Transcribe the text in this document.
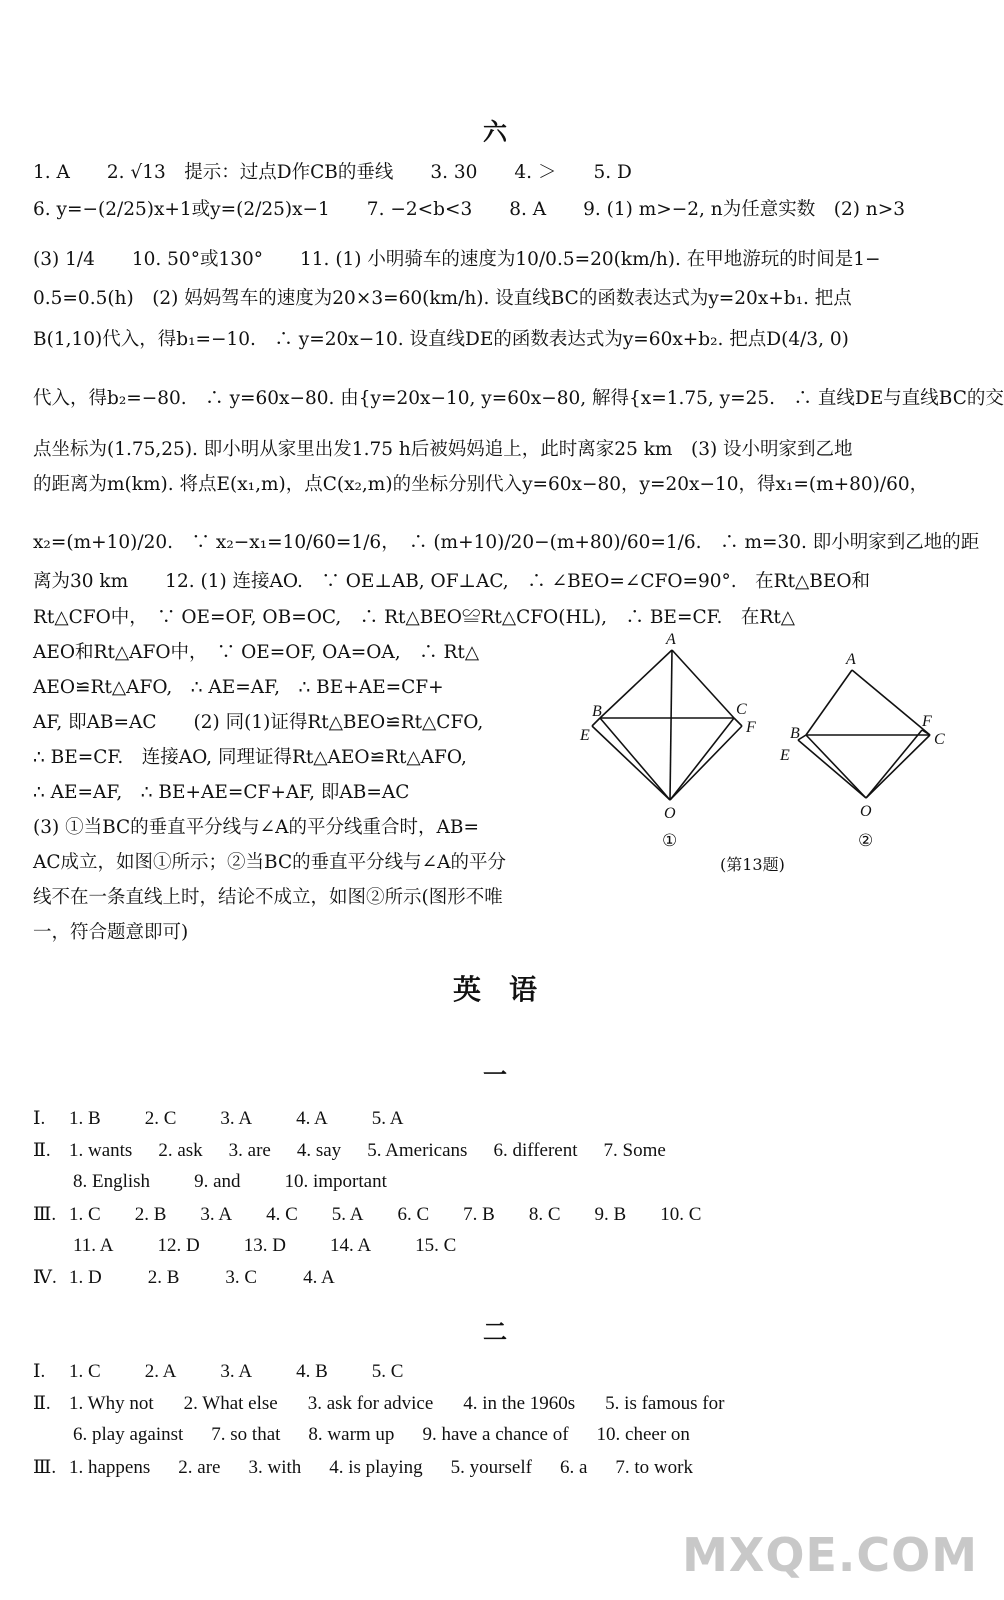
六
1. A　　2. √13　提示：过点D作CB的垂线　　3. 30　　4. ＞　　5. D
6. y=−(2/25)x+1或y=(2/25)x−1　　7. −2<b<3　　8. A　　9. (1) m>−2, n为任意实数　(2) n>3
(3) 1/4　　10. 50°或130°　　11. (1) 小明骑车的速度为10/0.5=20(km/h). 在甲地游玩的时间是1−
0.5=0.5(h)　(2) 妈妈驾车的速度为20×3=60(km/h). 设直线BC的函数表达式为y=20x+b₁. 把点
B(1,10)代入，得b₁=−10.　∴ y=20x−10. 设直线DE的函数表达式为y=60x+b₂. 把点D(4/3, 0)
代入，得b₂=−80.　∴ y=60x−80. 由{y=20x−10, y=60x−80, 解得{x=1.75, y=25.　∴ 直线DE与直线BC的交
点坐标为(1.75,25). 即小明从家里出发1.75 h后被妈妈追上，此时离家25 km　(3) 设小明家到乙地
的距离为m(km). 将点E(x₁,m)，点C(x₂,m)的坐标分别代入y=60x−80，y=20x−10，得x₁=(m+80)/60，
x₂=(m+10)/20.　∵ x₂−x₁=10/60=1/6，　∴ (m+10)/20−(m+80)/60=1/6.　∴ m=30. 即小明家到乙地的距
离为30 km　　12. (1) 连接AO.　∵ OE⊥AB, OF⊥AC,　∴ ∠BEO=∠CFO=90°.　在Rt△BEO和
Rt△CFO中，　∵ OE=OF, OB=OC,　∴ Rt△BEO≌Rt△CFO(HL),　∴ BE=CF.　在Rt△
AEO和Rt△AFO中，　∵ OE=OF, OA=OA,　∴ Rt△
AEO≌Rt△AFO,　∴ AE=AF,　∴ BE+AE=CF+
AF, 即AB=AC　　(2) 同(1)证得Rt△BEO≌Rt△CFO,
∴ BE=CF.　连接AO, 同理证得Rt△AEO≌Rt△AFO,
∴ AE=AF,　∴ BE+AE=CF+AF, 即AB=AC
(3) ①当BC的垂直平分线与∠A的平分线重合时，AB=
AC成立，如图①所示；②当BC的垂直平分线与∠A的平分
线不在一条直线上时，结论不成立，如图②所示(图形不唯
一，符合题意即可)
A
B	C
E	F
O
①
A
B	C
E
F
O
②
(第13题)
英　语
一
Ⅰ. 1. B 2. C 3. A 4. A 5. A
Ⅱ. 1. wants 2. ask 3. are 4. say 5. Americans 6. different 7. Some
8. English 9. and 10. important
Ⅲ. 1. C 2. B 3. A 4. C 5. A 6. C 7. B 8. C 9. B 10. C
11. A 12. D 13. D 14. A 15. C
Ⅳ. 1. D 2. B 3. C 4. A
二
Ⅰ. 1. C 2. A 3. A 4. B 5. C
Ⅱ. 1. Why not 2. What else 3. ask for advice 4. in the 1960s 5. is famous for
6. play against 7. so that 8. warm up 9. have a chance of 10. cheer on
Ⅲ. 1. happens 2. are 3. with 4. is playing 5. yourself 6. a 7. to work
MXQE.COM
